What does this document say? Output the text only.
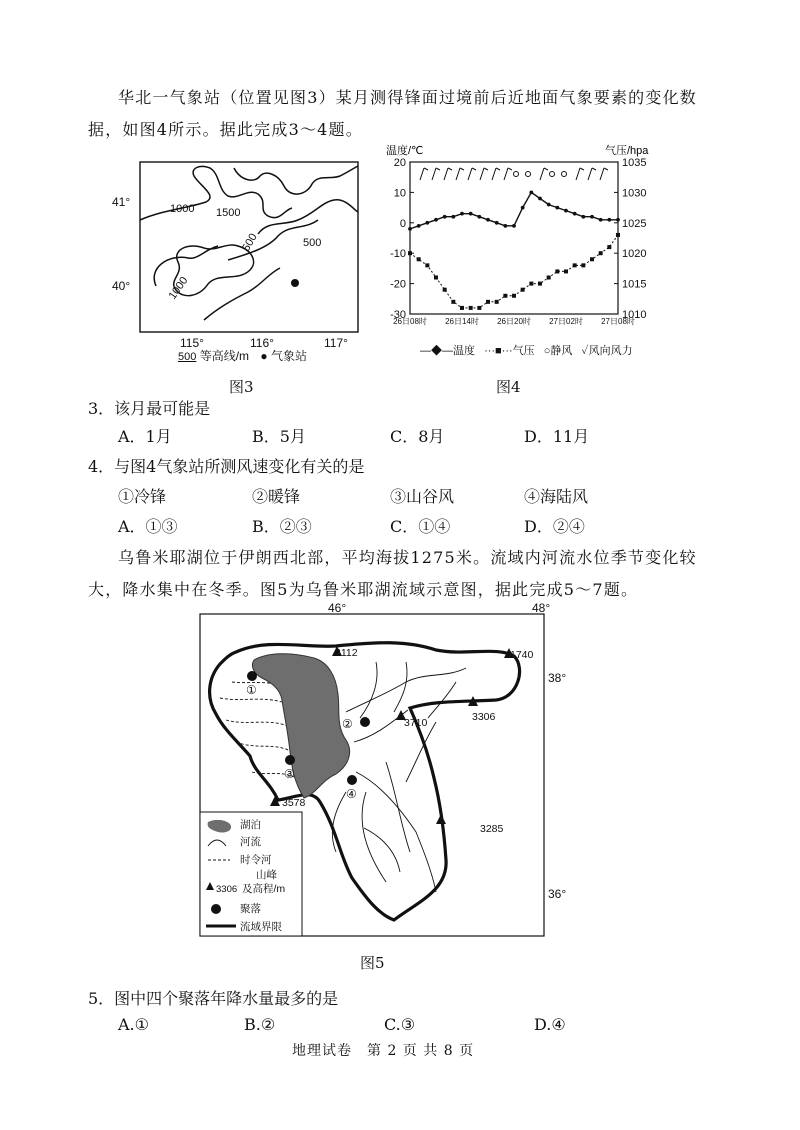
华北一气象站（位置见图3）某月测得锋面过境前后近地面气象要素的变化数据，如图4所示。据此完成3～4题。
1000 1500
500
1000
500
41°
40°
115°	116°	117°
500 等高线/m ● 气象站
图3
温度/℃	气压/hpa
20
10
0
-10
-20
-30
1035
1030
1025
1020
1015
1010
26日08时 26日14时 26日20时 27日02时 27日08时
—◆—温度 ···■···气压 ○静风 ✓风向风力
图4
3．该月最可能是
A．1月	B．5月	C．8月	D．11月
4．与图4气象站所测风速变化有关的是
①冷锋	②暖锋	③山谷风	④海陆风
A．①③	B．②③	C．①④	D．②④
乌鲁米耶湖位于伊朗西北部，平均海拔1275米。流域内河流水位季节变化较大，降水集中在冬季。图5为乌鲁米耶湖流域示意图，据此完成5～7题。
46°	48°
38°
36°
3112	1740
3306
3710
3578
3285
①
②
③
④
湖泊
河流
时令河
山峰
3306 及高程/m
聚落
流域界限
图5
5．图中四个聚落年降水量最多的是
A.①	B.②	C.③	D.④
地理试卷　第 2 页 共 8 页
